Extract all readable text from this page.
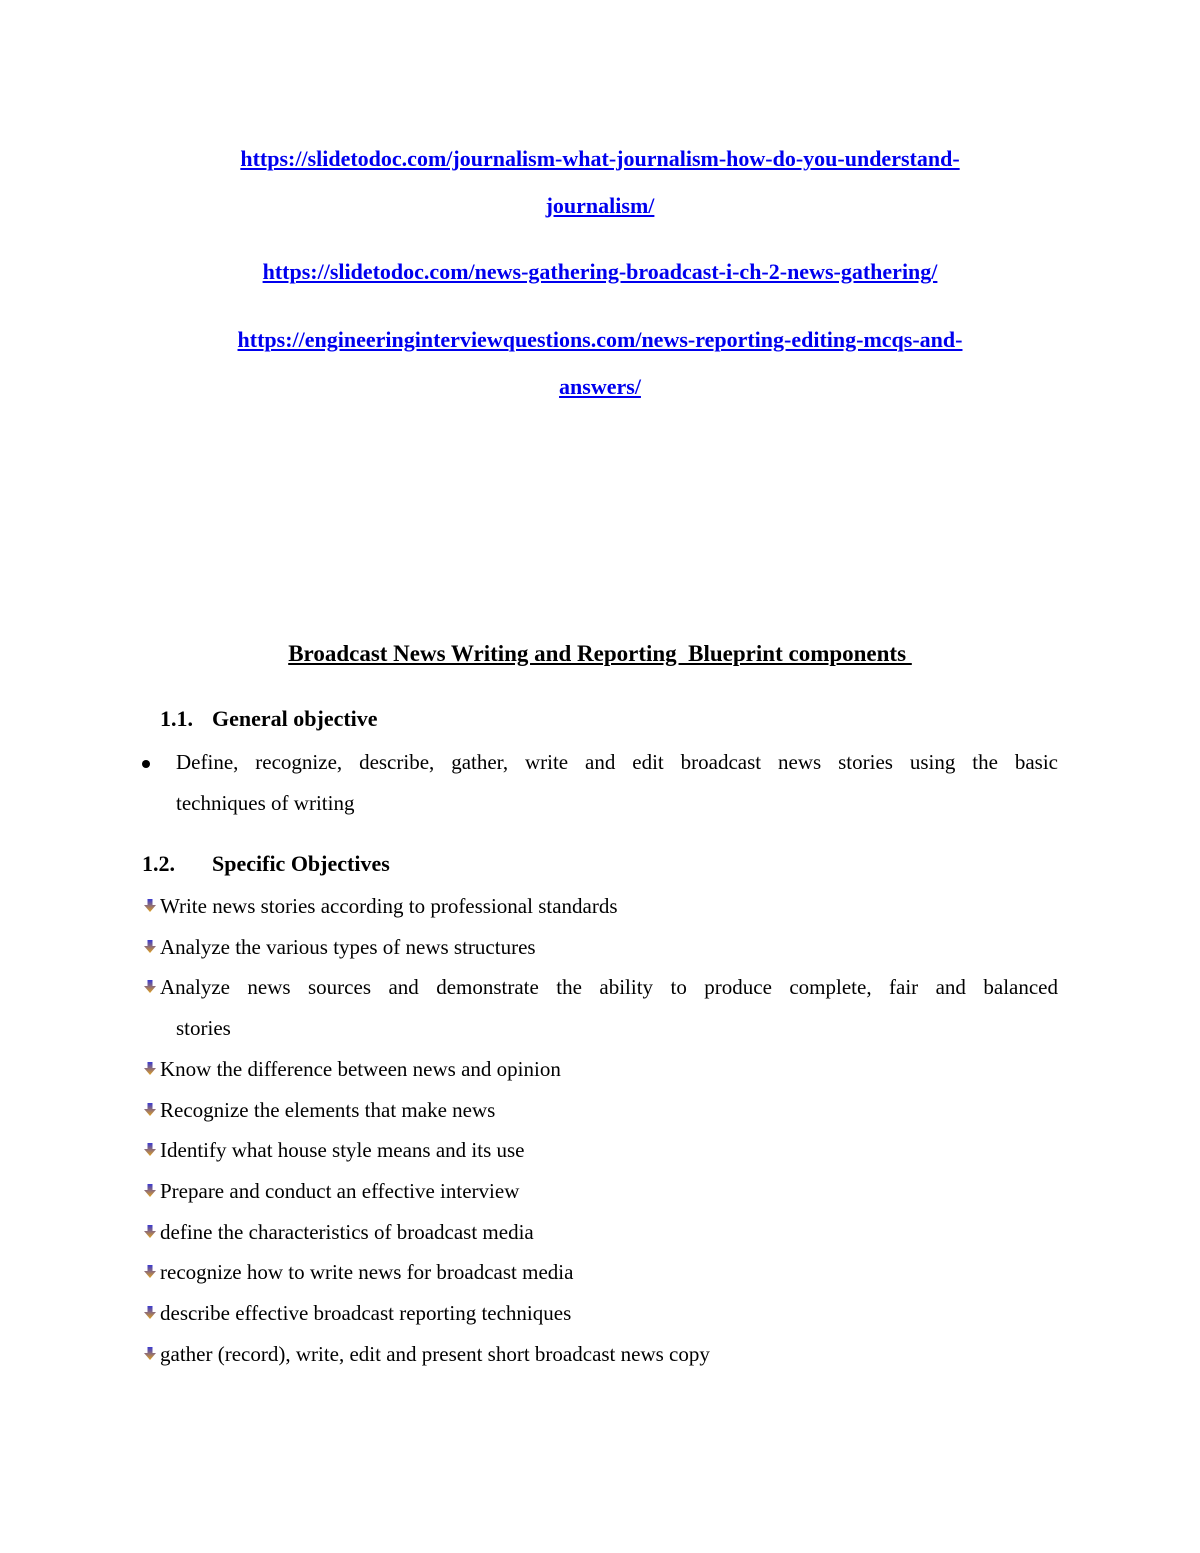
https://slidetodoc.com/journalism-what-journalism-how-do-you-understand-
journalism/
https://slidetodoc.com/news-gathering-broadcast-i-ch-2-news-gathering/
https://engineeringinterviewquestions.com/news-reporting-editing-mcqs-and-
answers/
Broadcast News Writing and Reporting  Blueprint components
1.1. General objective
Define, recognize, describe, gather, write and edit broadcast news stories using the basic
techniques of writing
1.2. Specific Objectives
Write news stories according to professional standards
Analyze the various types of news structures
Analyze news sources and demonstrate the ability to produce complete, fair and balanced
stories
Know the difference between news and opinion
Recognize the elements that make news
Identify what house style means and its use
Prepare and conduct an effective interview
define the characteristics of broadcast media
recognize how to write news for broadcast media
describe effective broadcast reporting techniques
gather (record), write, edit and present short broadcast news copy
